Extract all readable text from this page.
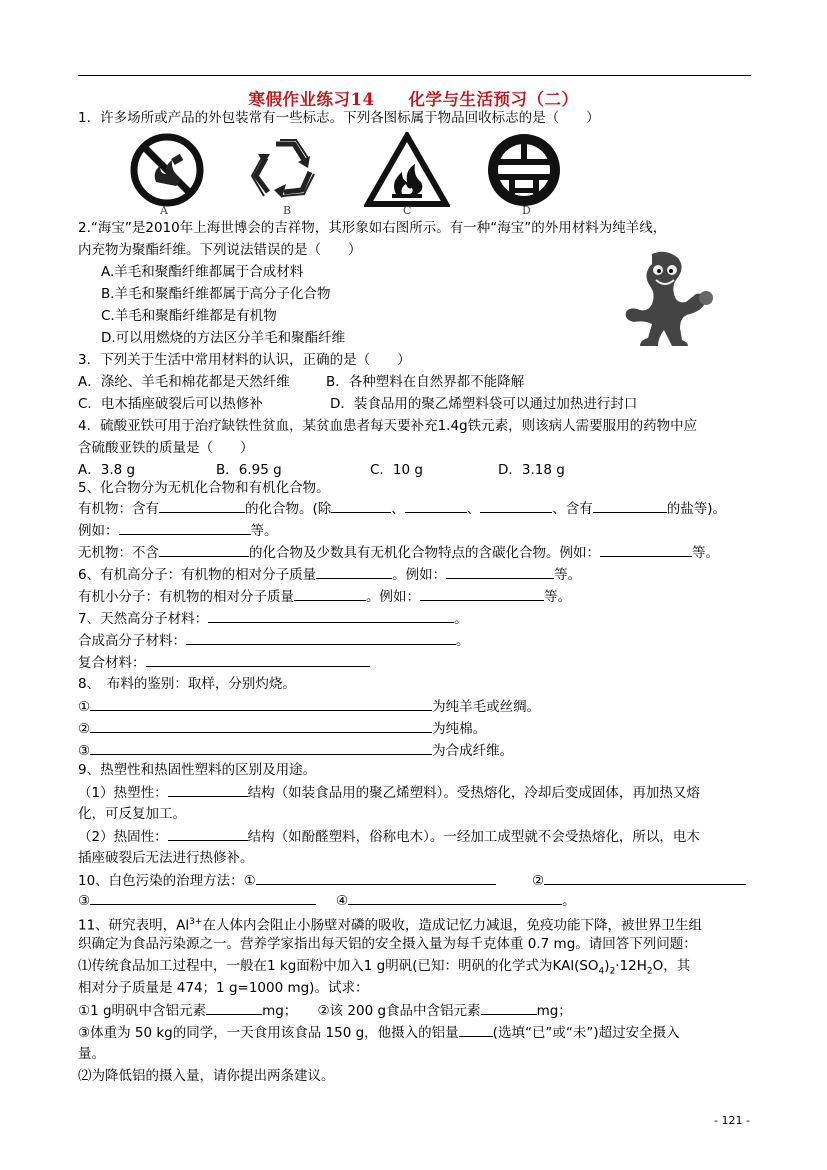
寒假作业练习14　　化学与生活预习（二）
1．许多场所或产品的外包装常有一些标志。下列各图标属于物品回收标志的是（　　）
A	B	C	D
2.“海宝”是2010年上海世博会的吉祥物，其形象如右图所示。有一种“海宝”的外用材料为纯羊线，
内充物为聚酯纤维。下列说法错误的是（　　）
A.羊毛和聚酯纤维都属于合成材料
B.羊毛和聚酯纤维都属于高分子化合物
C.羊毛和聚酯纤维都是有机物
D.可以用燃烧的方法区分羊毛和聚酯纤维
3．下列关于生活中常用材料的认识，正确的是（　　）
A．涤纶、羊毛和棉花都是天然纤维	B．各种塑料在自然界都不能降解
C．电木插座破裂后可以热修补	D．装食品用的聚乙烯塑料袋可以通过加热进行封口
4．硫酸亚铁可用于治疗缺铁性贫血，某贫血患者每天要补充1.4g铁元素，则该病人需要服用的药物中应
含硫酸亚铁的质量是（　　）
A．3.8 g	B．6.95 g	C．10 g	D．3.18 g
5、化合物分为无机化合物和有机化合物。
有机物：含有	的化合物。(除	、	、	、含有	的盐等)。
例如：	等。
无机物：不含	的化合物及少数具有无机化合物特点的含碳化合物。例如：	等。
6、有机高分子：有机物的相对分子质量	。例如：	等。
有机小分子：有机物的相对分子质量	。例如：	等。
7、天然高分子材料：	。
合成高分子材料：	。
复合材料：
8、　布料的鉴别：取样，分别灼烧。
①	为纯羊毛或丝绸。
②	为纯棉。
③	为合成纤维。
9、热塑性和热固性塑料的区别及用途。
（1）热塑性：	结构（如装食品用的聚乙烯塑料）。受热熔化，冷却后变成固体，再加热又熔
化，可反复加工。
（2）热固性：	结构（如酚醛塑料，俗称电木）。一经加工成型就不会受热熔化，所以，电木
插座破裂后无法进行热修补。
10、白色污染的治理方法：①	②
③	④	。
11、研究表明，$Al^{3+}$在人体内会阻止小肠壁对磷的吸收，造成记忆力减退，免疫功能下降，被世界卫生组
织确定为食品污染源之一。营养学家指出每天铝的安全摄入量为每千克体重 0.7 mg。请回答下列问题：
⑴传统食品加工过程中，一般在1 kg面粉中加入1 g明矾(已知：明矾的化学式为$KAl(SO_4)_2\cdot 12H_2O$，其
相对分子质量是 474；1 g=1000 mg)。试求：
①1 g明矾中含铝元素	mg；　　②该 200 g食品中含铝元素	mg；
③体重为 50 kg的同学，一天食用该食品 150 g，他摄入的铝量	(选填“已”或“未”)超过安全摄入
量。
⑵为降低铝的摄入量，请你提出两条建议。
- 121 -
